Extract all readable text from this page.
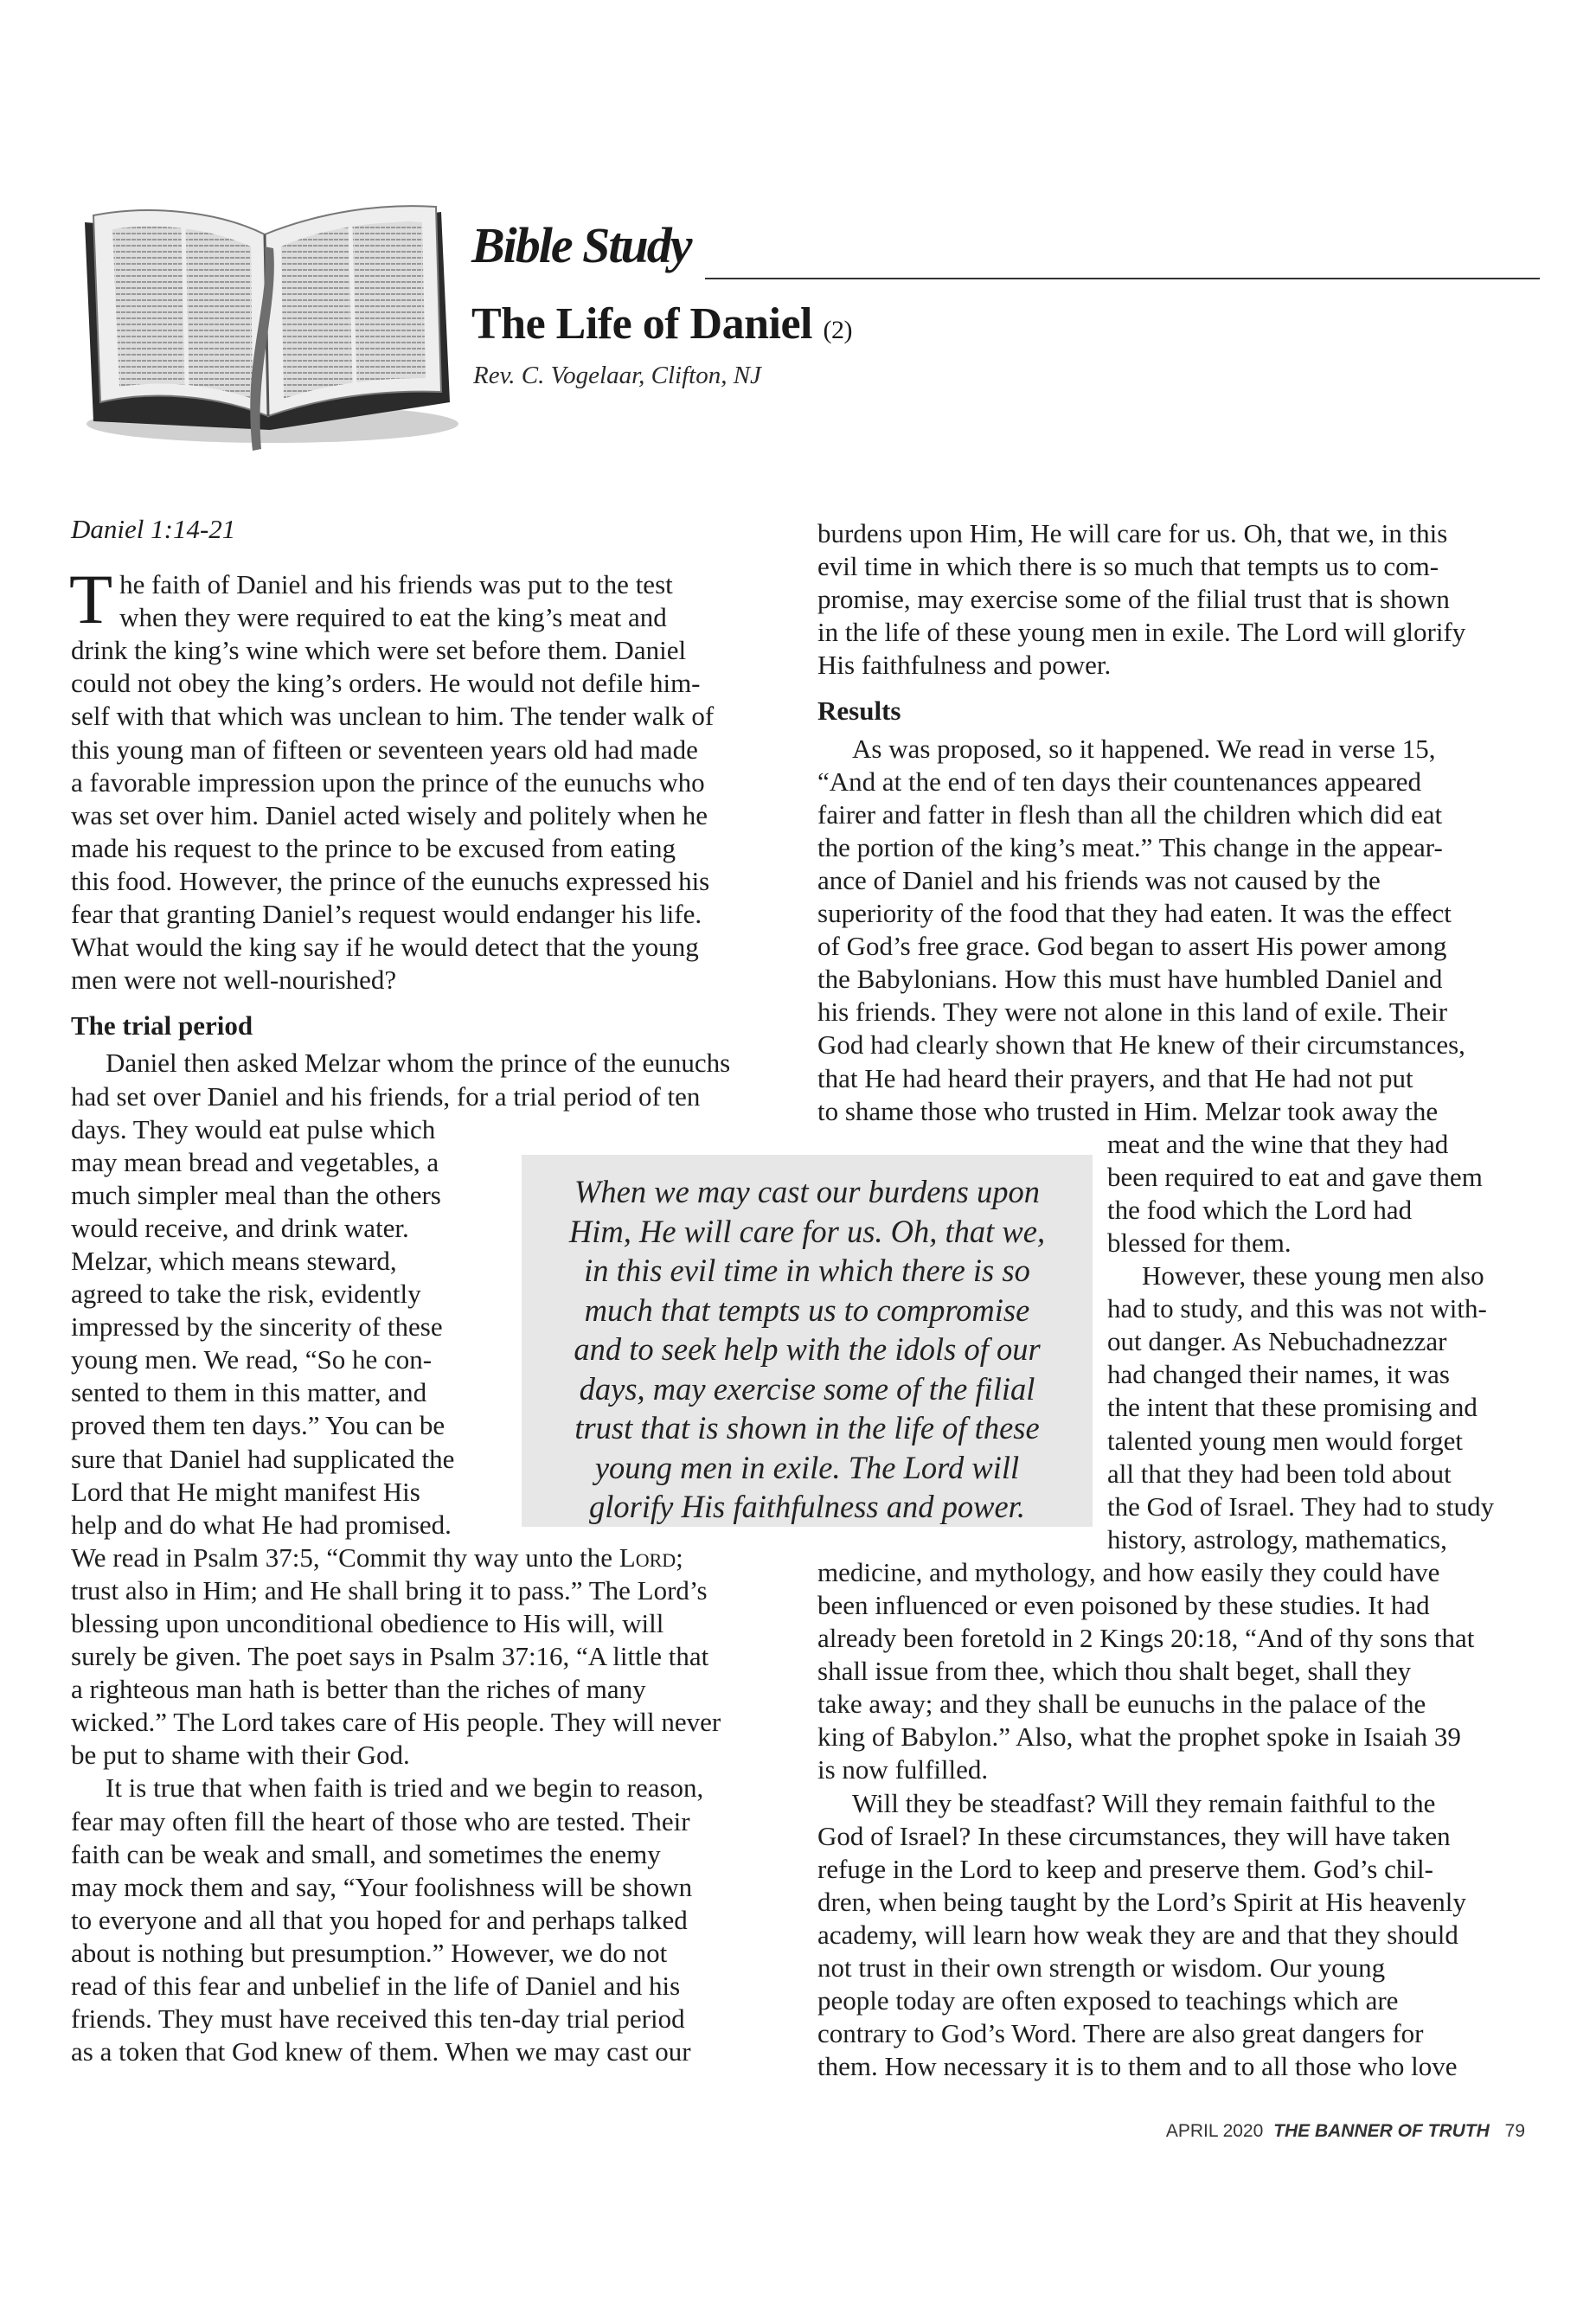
Bible Study
The Life of Daniel (2)
Rev. C. Vogelaar, Clifton, NJ
Daniel 1:14-21
T he faith of Daniel and his friends was put to the test
when they were required to eat the king’s meat and
drink the king’s wine which were set before them. Daniel
could not obey the king’s orders. He would not defile him-
self with that which was unclean to him. The tender walk of
this young man of fifteen or seventeen years old had made
a favorable impression upon the prince of the eunuchs who
was set over him. Daniel acted wisely and politely when he
made his request to the prince to be excused from eating
this food. However, the prince of the eunuchs expressed his
fear that granting Daniel’s request would endanger his life.
What would the king say if he would detect that the young
men were not well-nourished?
The trial period
Daniel then asked Melzar whom the prince of the eunuchs
had set over Daniel and his friends, for a trial period of ten
days. They would eat pulse which
may mean bread and vegetables, a
much simpler meal than the others
would receive, and drink water.
Melzar, which means steward,
agreed to take the risk, evidently
impressed by the sincerity of these
young men. We read, “So he con-
sented to them in this matter, and
proved them ten days.” You can be
sure that Daniel had supplicated the
Lord that He might manifest His
help and do what He had promised.
We read in Psalm 37:5, “Commit thy way unto the Lord;
trust also in Him; and He shall bring it to pass.” The Lord’s
blessing upon unconditional obedience to His will, will
surely be given. The poet says in Psalm 37:16, “A little that
a righteous man hath is better than the riches of many
wicked.” The Lord takes care of His people. They will never
be put to shame with their God.
It is true that when faith is tried and we begin to reason,
fear may often fill the heart of those who are tested. Their
faith can be weak and small, and sometimes the enemy
may mock them and say, “Your foolishness will be shown
to everyone and all that you hoped for and perhaps talked
about is nothing but presumption.” However, we do not
read of this fear and unbelief in the life of Daniel and his
friends. They must have received this ten-day trial period
as a token that God knew of them. When we may cast our
burdens upon Him, He will care for us. Oh, that we, in this
evil time in which there is so much that tempts us to com-
promise, may exercise some of the filial trust that is shown
in the life of these young men in exile. The Lord will glorify
His faithfulness and power.
Results
As was proposed, so it happened. We read in verse 15,
“And at the end of ten days their countenances appeared
fairer and fatter in flesh than all the children which did eat
the portion of the king’s meat.” This change in the appear-
ance of Daniel and his friends was not caused by the
superiority of the food that they had eaten. It was the effect
of God’s free grace. God began to assert His power among
the Babylonians. How this must have humbled Daniel and
his friends. They were not alone in this land of exile. Their
God had clearly shown that He knew of their circumstances,
that He had heard their prayers, and that He had not put
to shame those who trusted in Him. Melzar took away the
meat and the wine that they had
been required to eat and gave them
the food which the Lord had
blessed for them.
However, these young men also
had to study, and this was not with-
out danger. As Nebuchadnezzar
had changed their names, it was
the intent that these promising and
talented young men would forget
all that they had been told about
the God of Israel. They had to study
history, astrology, mathematics,
medicine, and mythology, and how easily they could have
been influenced or even poisoned by these studies. It had
already been foretold in 2 Kings 20:18, “And of thy sons that
shall issue from thee, which thou shalt beget, shall they
take away; and they shall be eunuchs in the palace of the
king of Babylon.” Also, what the prophet spoke in Isaiah 39
is now fulfilled.
Will they be steadfast? Will they remain faithful to the
God of Israel? In these circumstances, they will have taken
refuge in the Lord to keep and preserve them. God’s chil-
dren, when being taught by the Lord’s Spirit at His heavenly
academy, will learn how weak they are and that they should
not trust in their own strength or wisdom. Our young
people today are often exposed to teachings which are
contrary to God’s Word. There are also great dangers for
them. How necessary it is to them and to all those who love
When we may cast our burdens upon
Him, He will care for us. Oh, that we,
in this evil time in which there is so
much that tempts us to compromise
and to seek help with the idols of our
days, may exercise some of the filial
trust that is shown in the life of these
young men in exile. The Lord will
glorify His faithfulness and power.
APRIL 2020 THE BANNER OF TRUTH 79
